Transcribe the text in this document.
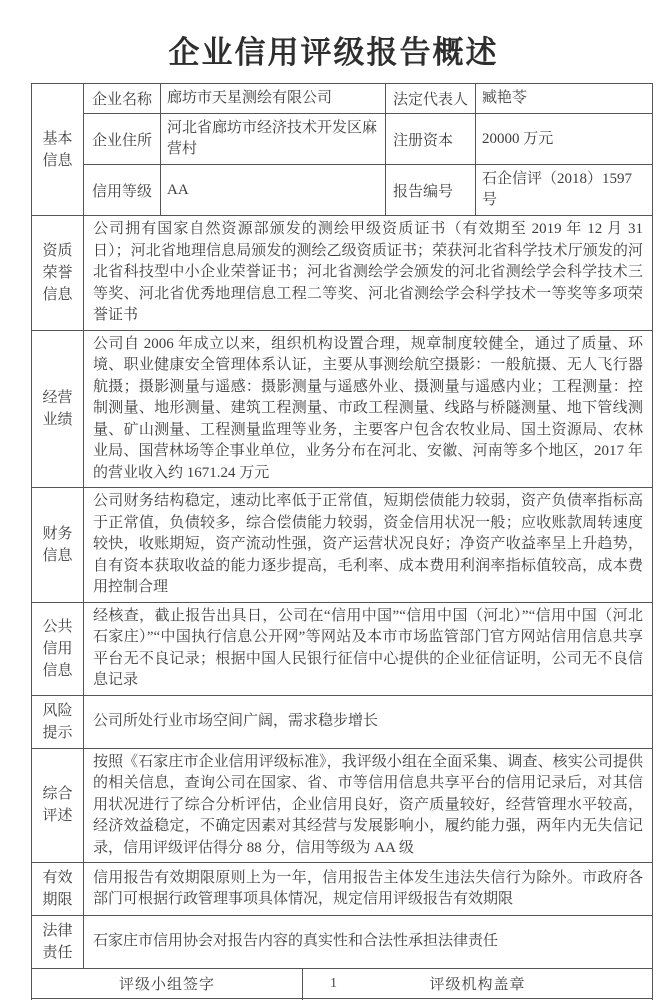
企业信用评级报告概述
基本信息	企业名称	廊坊市天星测绘有限公司	法定代表人	臧艳苓
	企业住所	河北省廊坊市经济技术开发区麻营村	注册资本	20000 万元
	信用等级	AA	报告编号	石企信评（2018）1597 号
资质荣誉信息	公司拥有国家自然资源部颁发的测绘甲级资质证书（有效期至 2019 年 12 月 31 日）；河北省地理信息局颁发的测绘乙级资质证书；荣获河北省科学技术厅颁发的河北省科技型中小企业荣誉证书；河北省测绘学会颁发的河北省测绘学会科学技术三等奖、河北省优秀地理信息工程二等奖、河北省测绘学会科学技术一等奖等多项荣誉证书			
经营业绩	公司自 2006 年成立以来，组织机构设置合理，规章制度较健全，通过了质量、环境、职业健康安全管理体系认证，主要从事测绘航空摄影：一般航摄、无人飞行器航摄；摄影测量与遥感：摄影测量与遥感外业、摄测量与遥感内业；工程测量：控制测量、地形测量、建筑工程测量、市政工程测量、线路与桥隧测量、地下管线测量、矿山测量、工程测量监理等业务，主要客户包含农牧业局、国土资源局、农林业局、国营林场等企事业单位，业务分布在河北、安徽、河南等多个地区，2017 年的营业收入约 1671.24 万元			
财务信息	公司财务结构稳定，速动比率低于正常值，短期偿债能力较弱，资产负债率指标高于正常值，负债较多，综合偿债能力较弱，资金信用状况一般；应收账款周转速度较快，收账期短，资产流动性强，资产运营状况良好；净资产收益率呈上升趋势，自有资本获取收益的能力逐步提高，毛利率、成本费用利润率指标值较高，成本费用控制合理			
公共信用信息	经核查，截止报告出具日，公司在“信用中国”“信用中国（河北）”“信用中国（河北石家庄）”“中国执行信息公开网”等网站及本市市场监管部门官方网站信用信息共享平台无不良记录；根据中国人民银行征信中心提供的企业征信证明，公司无不良信息记录			
风险提示	公司所处行业市场空间广阔，需求稳步增长			
综合评述	按照《石家庄市企业信用评级标准》，我评级小组在全面采集、调查、核实公司提供的相关信息，查询公司在国家、省、市等信用信息共享平台的信用记录后，对其信用状况进行了综合分析评估，企业信用良好，资产质量较好，经营管理水平较高，经济效益稳定，不确定因素对其经营与发展影响小，履约能力强，两年内无失信记录，信用评级评估得分 88 分，信用等级为 AA 级			
有效期限	信用报告有效期限原则上为一年，信用报告主体发生违法失信行为除外。市政府各部门可根据行政管理事项具体情况，规定信用评级报告有效期限			
法律责任	石家庄市信用协会对报告内容的真实性和合法性承担法律责任			
评级小组签字	评级机构盖章

1
